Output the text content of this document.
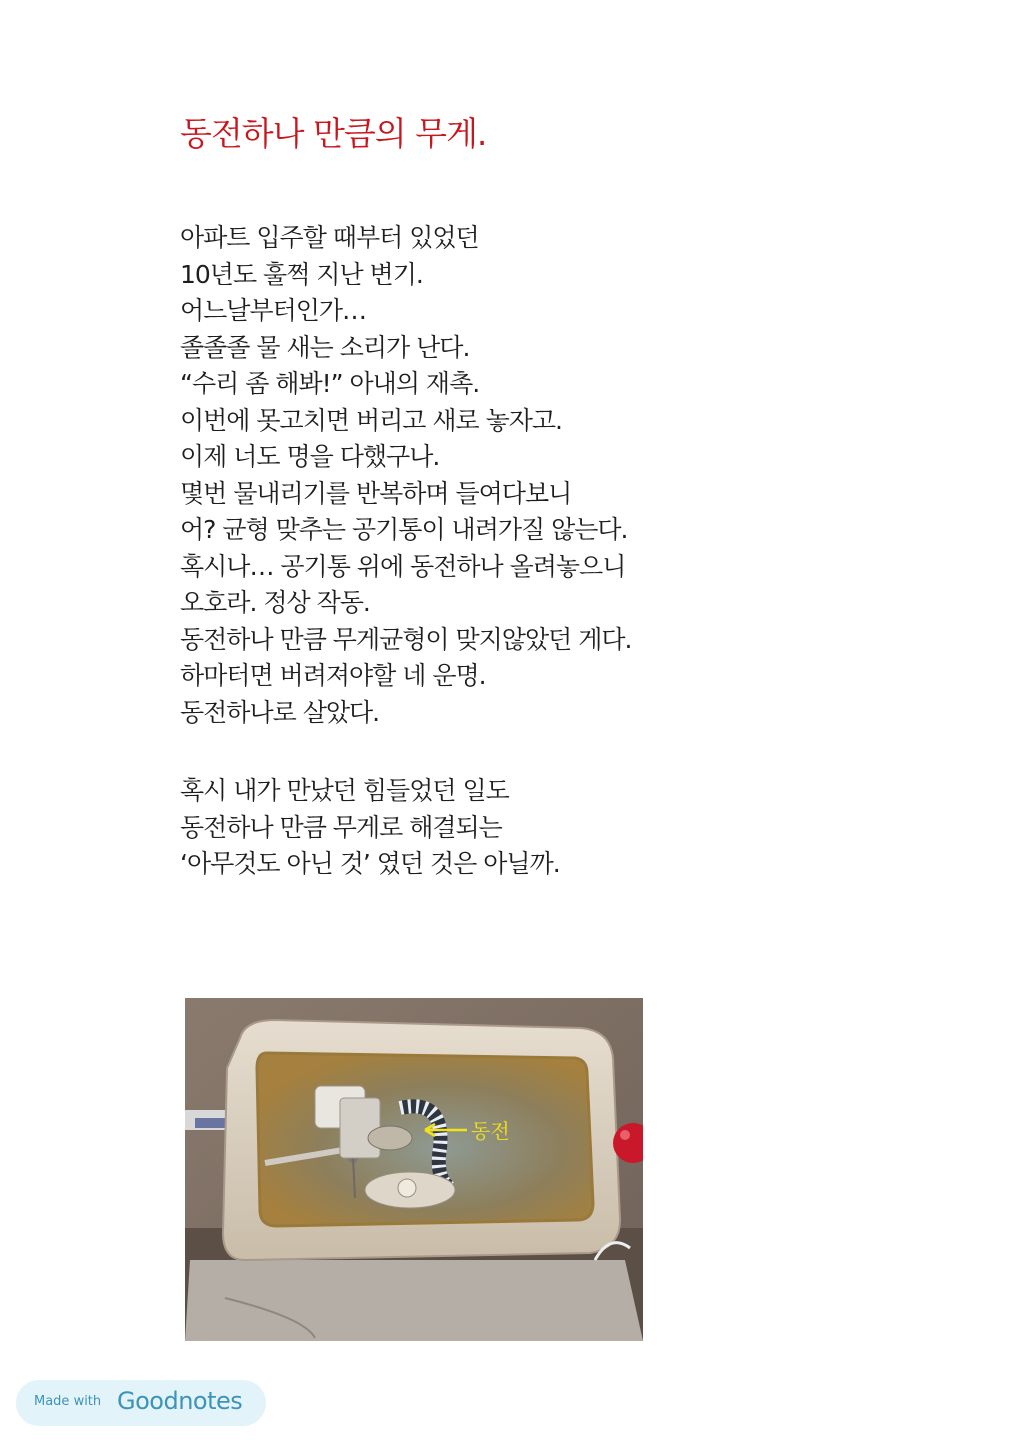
동전하나 만큼의 무게.
아파트 입주할 때부터 있었던
10년도 훌쩍 지난 변기.
어느날부터인가…
졸졸졸 물 새는 소리가 난다.
“수리 좀 해봐!” 아내의 재촉.
이번에 못고치면 버리고 새로 놓자고.
이제 너도 명을 다했구나.
몇번 물내리기를 반복하며 들여다보니
어? 균형 맞추는 공기통이 내려가질 않는다.
혹시나… 공기통 위에 동전하나 올려놓으니
오호라. 정상 작동.
동전하나 만큼 무게균형이 맞지않았던 게다.
하마터면 버려져야할 네 운명.
동전하나로 살았다.
혹시 내가 만났던 힘들었던 일도
동전하나 만큼 무게로 해결되는
‘아무것도 아닌 것’ 였던 것은 아닐까.
동전
Made with Goodnotes
